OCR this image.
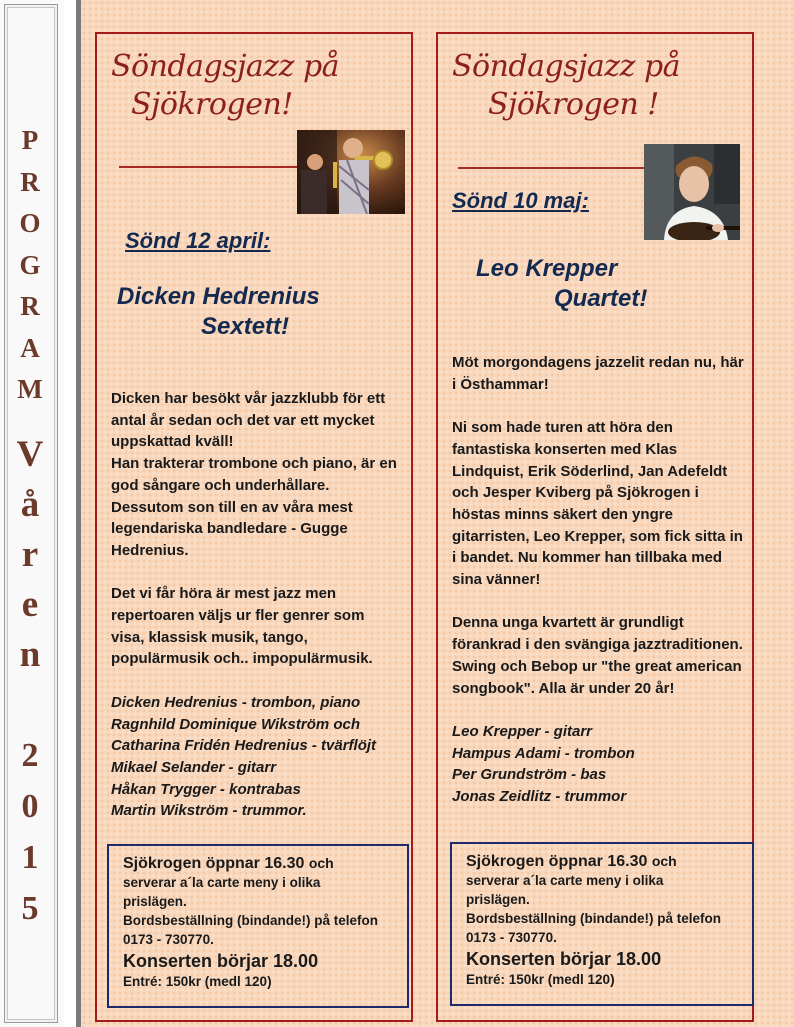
P
R
O
G
R
A
M
V
å
r
e
n
2
0
1
5
Söndagsjazz på
Sjökrogen!
Sönd 12 april:
Dicken Hedrenius
Sextett!

Dicken har besökt vår jazzklubb för ett antal år sedan och det var ett mycket uppskattad kväll!

Han trakterar trombone och piano, är en god sångare och underhållare. Dessutom son till en av våra mest legendariska bandledare - Gugge Hedrenius.

Det vi får höra är mest jazz men repertoaren väljs ur fler genrer som visa, klassisk musik, tango, populärmusik och.. impopulärmusik.

Dicken Hedrenius - trombon, piano
Ragnhild Dominique Wikström och
Catharina Fridén Hedrenius - tvärflöjt
Mikael Selander - gitarr
Håkan Trygger - kontrabas
Martin Wikström - trummor.
Sjökrogen öppnar 16.30 och
serverar a´la carte meny i olika
prislägen.
Bordsbeställning (bindande!) på telefon
0173 - 730770.
Konserten börjar 18.00
Entré: 150kr (medl 120)
Söndagsjazz på
Sjökrogen !
Sönd 10 maj:
Leo Krepper
Quartet!

Möt morgondagens jazzelit redan nu, här i Östhammar!

Ni som hade turen att höra den fantastiska konserten med Klas Lindquist, Erik Söderlind, Jan Adefeldt och Jesper Kviberg på Sjökrogen i höstas minns säkert den yngre gitarristen, Leo Krepper, som fick sitta in i bandet. Nu kommer han tillbaka med sina vänner!

Denna unga kvartett är grundligt förankrad i den svängiga jazztraditionen. Swing och Bebop ur "the great american songbook". Alla är under 20 år!

Leo Krepper - gitarr
Hampus Adami - trombon
Per Grundström - bas
Jonas Zeidlitz - trummor
Sjökrogen öppnar 16.30 och
serverar a´la carte meny i olika
prislägen.
Bordsbeställning (bindande!) på telefon
0173 - 730770.
Konserten börjar 18.00
Entré: 150kr (medl 120)
